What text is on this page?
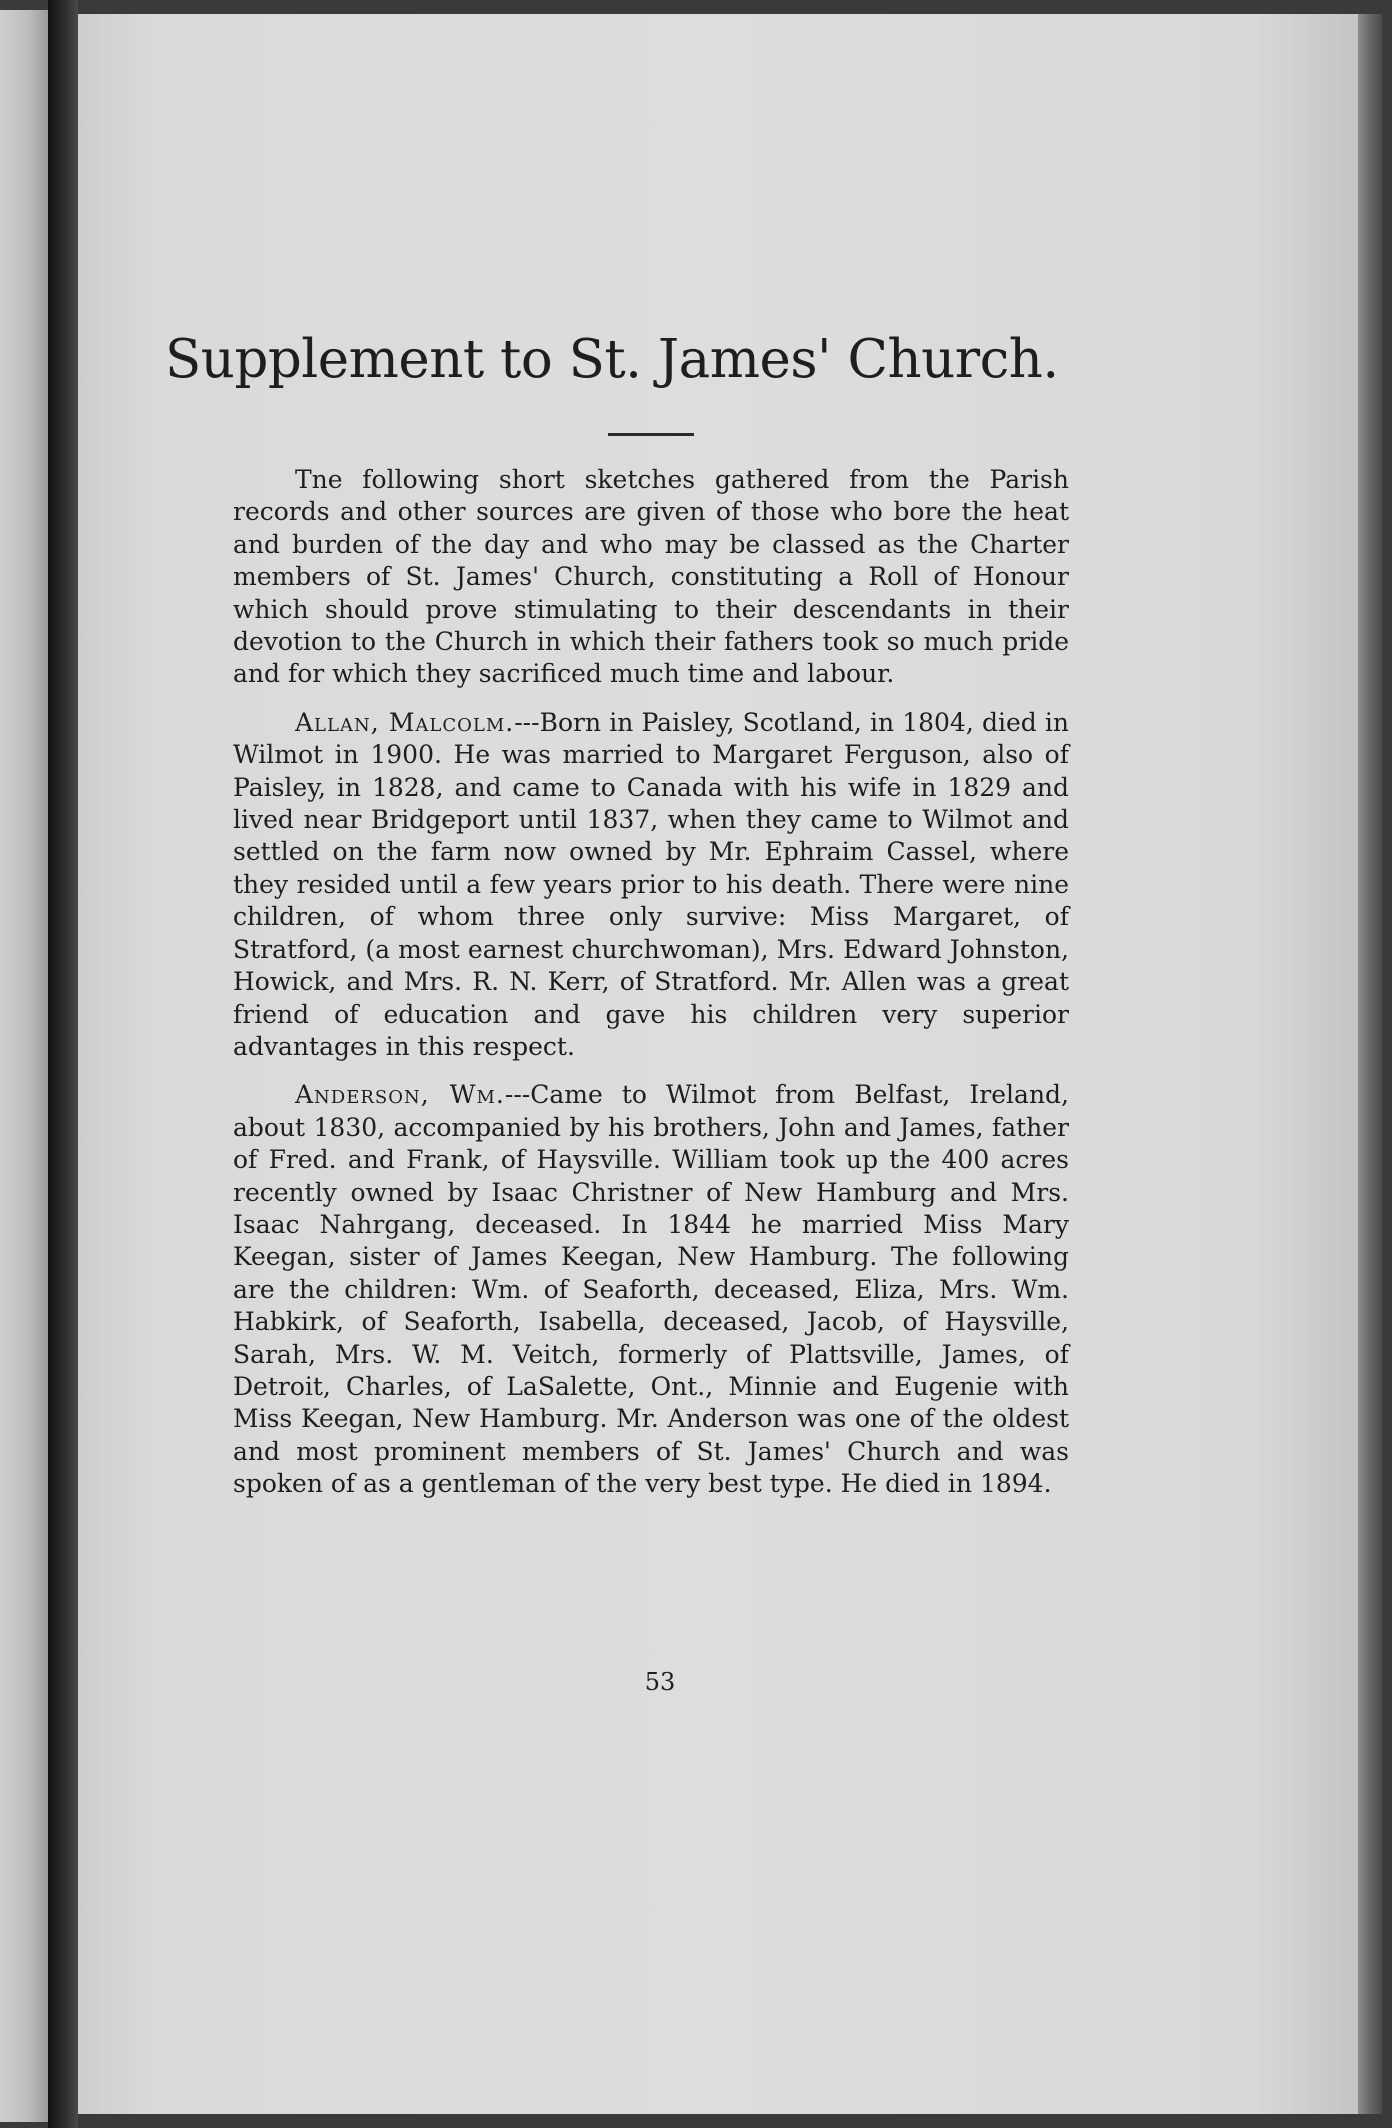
Supplement to St. James' Church.

Tne following short sketches gathered from the Parish records and other sources are given of those who bore the heat and burden of the day and who may be classed as the Charter members of St. James' Church, constituting a Roll of Honour which should prove stimulating to their descendants in their devotion to the Church in which their fathers took so much pride and for which they sacrificed much time and labour.

Allan, Malcolm.---Born in Paisley, Scotland, in 1804, died in Wilmot in 1900. He was married to Margaret Ferguson, also of Paisley, in 1828, and came to Canada with his wife in 1829 and lived near Bridgeport until 1837, when they came to Wilmot and settled on the farm now owned by Mr. Ephraim Cassel, where they resided until a few years prior to his death. There were nine children, of whom three only survive: Miss Margaret, of Stratford, (a most earnest churchwoman), Mrs. Edward Johnston, Howick, and Mrs. R. N. Kerr, of Stratford. Mr. Allen was a great friend of education and gave his children very superior advantages in this respect.

Anderson, Wm.---Came to Wilmot from Belfast, Ireland, about 1830, accompanied by his brothers, John and James, father of Fred. and Frank, of Haysville. William took up the 400 acres recently owned by Isaac Christner of New Hamburg and Mrs. Isaac Nahrgang, deceased. In 1844 he married Miss Mary Keegan, sister of James Keegan, New Hamburg. The following are the children: Wm. of Seaforth, deceased, Eliza, Mrs. Wm. Habkirk, of Seaforth, Isabella, deceased, Jacob, of Haysville, Sarah, Mrs. W. M. Veitch, formerly of Plattsville, James, of Detroit, Charles, of LaSalette, Ont., Minnie and Eugenie with Miss Keegan, New Hamburg. Mr. Anderson was one of the oldest and most prominent members of St. James' Church and was spoken of as a gentleman of the very best type. He died in 1894.

53
